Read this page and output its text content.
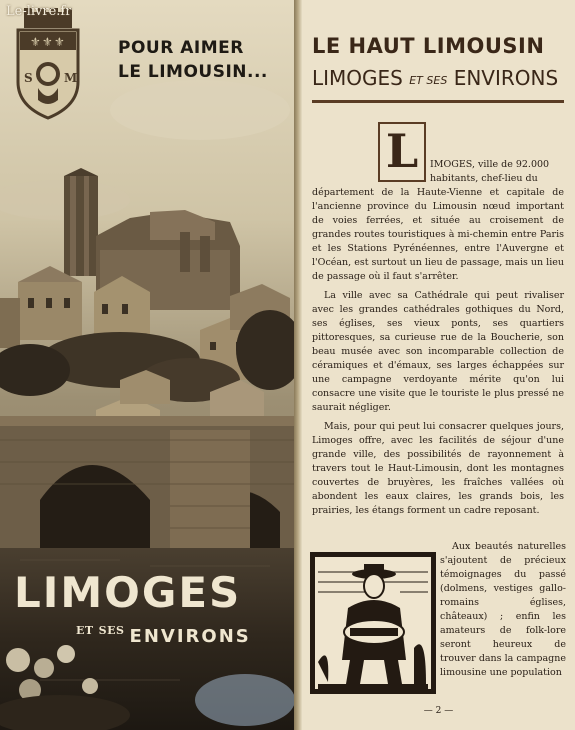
⚜ ⚜ ⚜
S	M
POUR AIMER
LE LIMOUSIN...
LIMOGES
$^{ET}$ $^{SES}$ ENVIRONS
Le-livre.fr
LE HAUT LIMOUSIN
LIMOGES ET SES ENVIRONS
L	IMOGES, ville de 92.000

habitants, chef-lieu du

département de la Haute-Vienne et capitale de l'ancienne province du Limousin nœud important de voies ferrées, et située au croisement de grandes routes touristiques à mi-chemin entre Paris et les Stations Pyrénéennes, entre l'Auvergne et l'Océan, est surtout un lieu de passage, mais un lieu de passage où il faut s'arrêter.

La ville avec sa Cathédrale qui peut rivaliser avec les grandes cathédrales gothiques du Nord, ses églises, ses vieux ponts, ses quartiers pittoresques, sa curieuse rue de la Boucherie, son beau musée avec son incomparable collection de céramiques et d'émaux, ses larges échappées sur une campagne verdoyante mérite qu'on lui consacre une visite que le touriste le plus pressé ne saurait négliger.

Mais, pour qui peut lui consacrer quelques jours, Limoges offre, avec les facilités de séjour d'une grande ville, des possibilités de rayonnement à travers tout le Haut-Limousin, dont les montagnes couvertes de bruyères, les fraîches vallées où abondent les eaux claires, les grands bois, les prairies, les étangs forment un cadre reposant.

Aux beautés naturelles s'ajoutent de précieux témoignages du passé (dolmens, vestiges gallo-romains églises, châteaux) ; enfin les amateurs de folk-lore seront heureux de trouver dans la campagne limousine une population

— 2 —
